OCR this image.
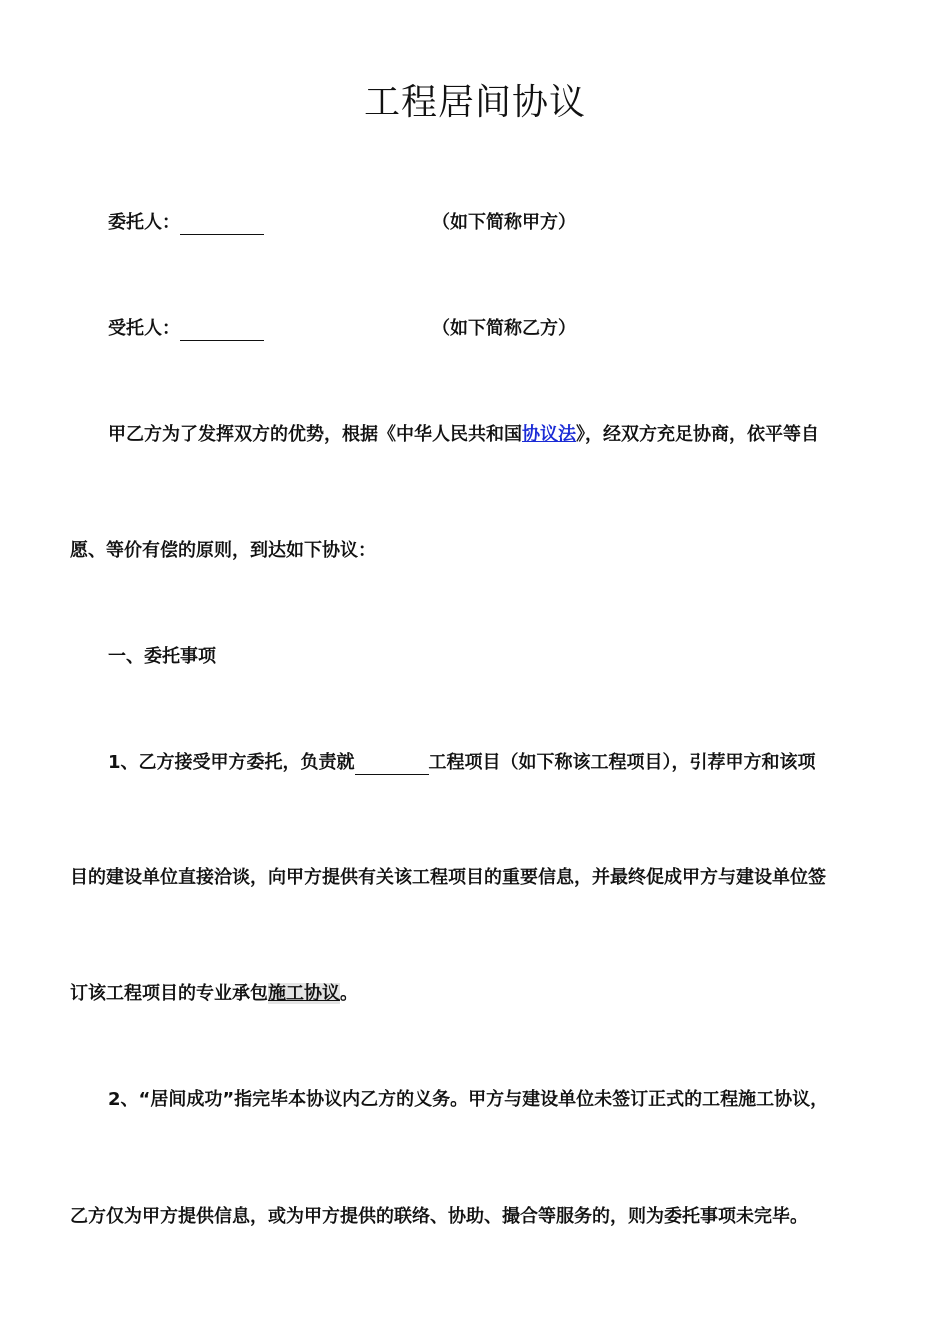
工程居间协议
委托人：	（如下简称甲方）
受托人：	（如下简称乙方）
甲乙方为了发挥双方的优势，根据《中华人民共和国协议法》，经双方充足协商，依平等自
愿、等价有偿的原则，到达如下协议：
一、委托事项
1、乙方接受甲方委托，负责就	工程项目（如下称该工程项目），引荐甲方和该项
目的建设单位直接洽谈，向甲方提供有关该工程项目的重要信息，并最终促成甲方与建设单位签
订该工程项目的专业承包施工协议。
2、“居间成功”指完毕本协议内乙方的义务。甲方与建设单位未签订正式的工程施工协议，
乙方仅为甲方提供信息，或为甲方提供的联络、协助、撮合等服务的，则为委托事项未完毕。
